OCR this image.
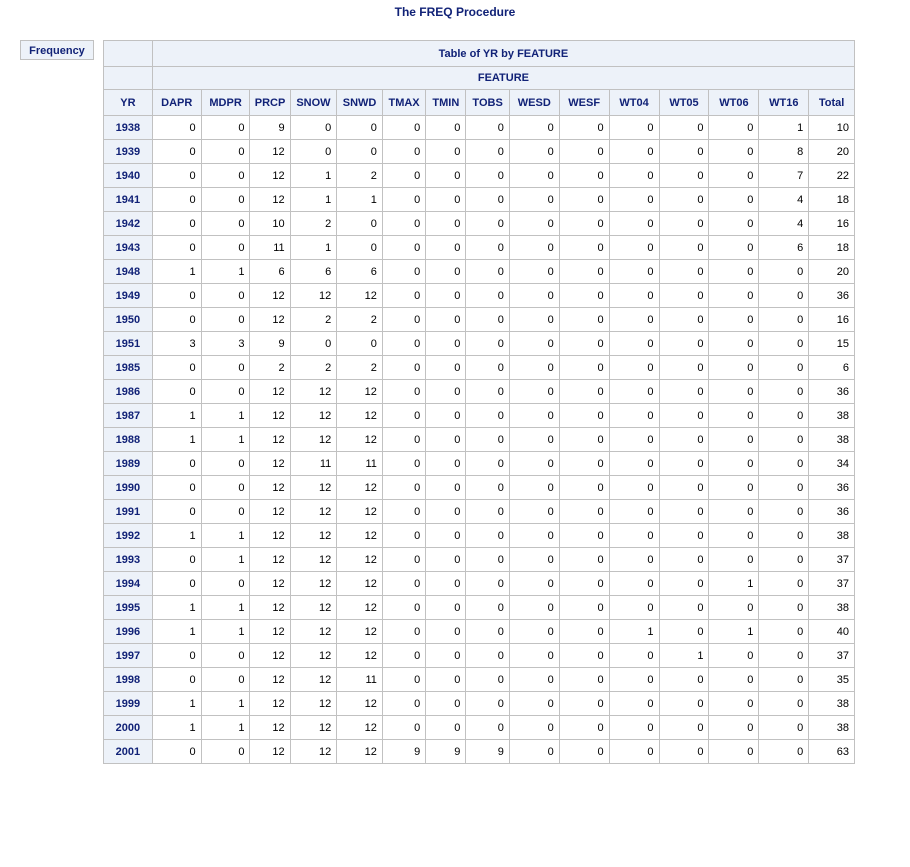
The FREQ Procedure
Frequency
		Table of YR by FEATURE														
	FEATURE														
YR	DAPR	MDPR	PRCP	SNOW	SNWD	TMAX	TMIN	TOBS	WESD	WESF	WT04	WT05	WT06	WT16	Total
1938	0	0	9	0	0	0	0	0	0	0	0	0	0	1	10
1939	0	0	12	0	0	0	0	0	0	0	0	0	0	8	20
1940	0	0	12	1	2	0	0	0	0	0	0	0	0	7	22
1941	0	0	12	1	1	0	0	0	0	0	0	0	0	4	18
1942	0	0	10	2	0	0	0	0	0	0	0	0	0	4	16
1943	0	0	11	1	0	0	0	0	0	0	0	0	0	6	18
1948	1	1	6	6	6	0	0	0	0	0	0	0	0	0	20
1949	0	0	12	12	12	0	0	0	0	0	0	0	0	0	36
1950	0	0	12	2	2	0	0	0	0	0	0	0	0	0	16
1951	3	3	9	0	0	0	0	0	0	0	0	0	0	0	15
1985	0	0	2	2	2	0	0	0	0	0	0	0	0	0	6
1986	0	0	12	12	12	0	0	0	0	0	0	0	0	0	36
1987	1	1	12	12	12	0	0	0	0	0	0	0	0	0	38
1988	1	1	12	12	12	0	0	0	0	0	0	0	0	0	38
1989	0	0	12	11	11	0	0	0	0	0	0	0	0	0	34
1990	0	0	12	12	12	0	0	0	0	0	0	0	0	0	36
1991	0	0	12	12	12	0	0	0	0	0	0	0	0	0	36
1992	1	1	12	12	12	0	0	0	0	0	0	0	0	0	38
1993	0	1	12	12	12	0	0	0	0	0	0	0	0	0	37
1994	0	0	12	12	12	0	0	0	0	0	0	0	1	0	37
1995	1	1	12	12	12	0	0	0	0	0	0	0	0	0	38
1996	1	1	12	12	12	0	0	0	0	0	1	0	1	0	40
1997	0	0	12	12	12	0	0	0	0	0	0	1	0	0	37
1998	0	0	12	12	11	0	0	0	0	0	0	0	0	0	35
1999	1	1	12	12	12	0	0	0	0	0	0	0	0	0	38
2000	1	1	12	12	12	0	0	0	0	0	0	0	0	0	38
2001	0	0	12	12	12	9	9	9	0	0	0	0	0	0	63
